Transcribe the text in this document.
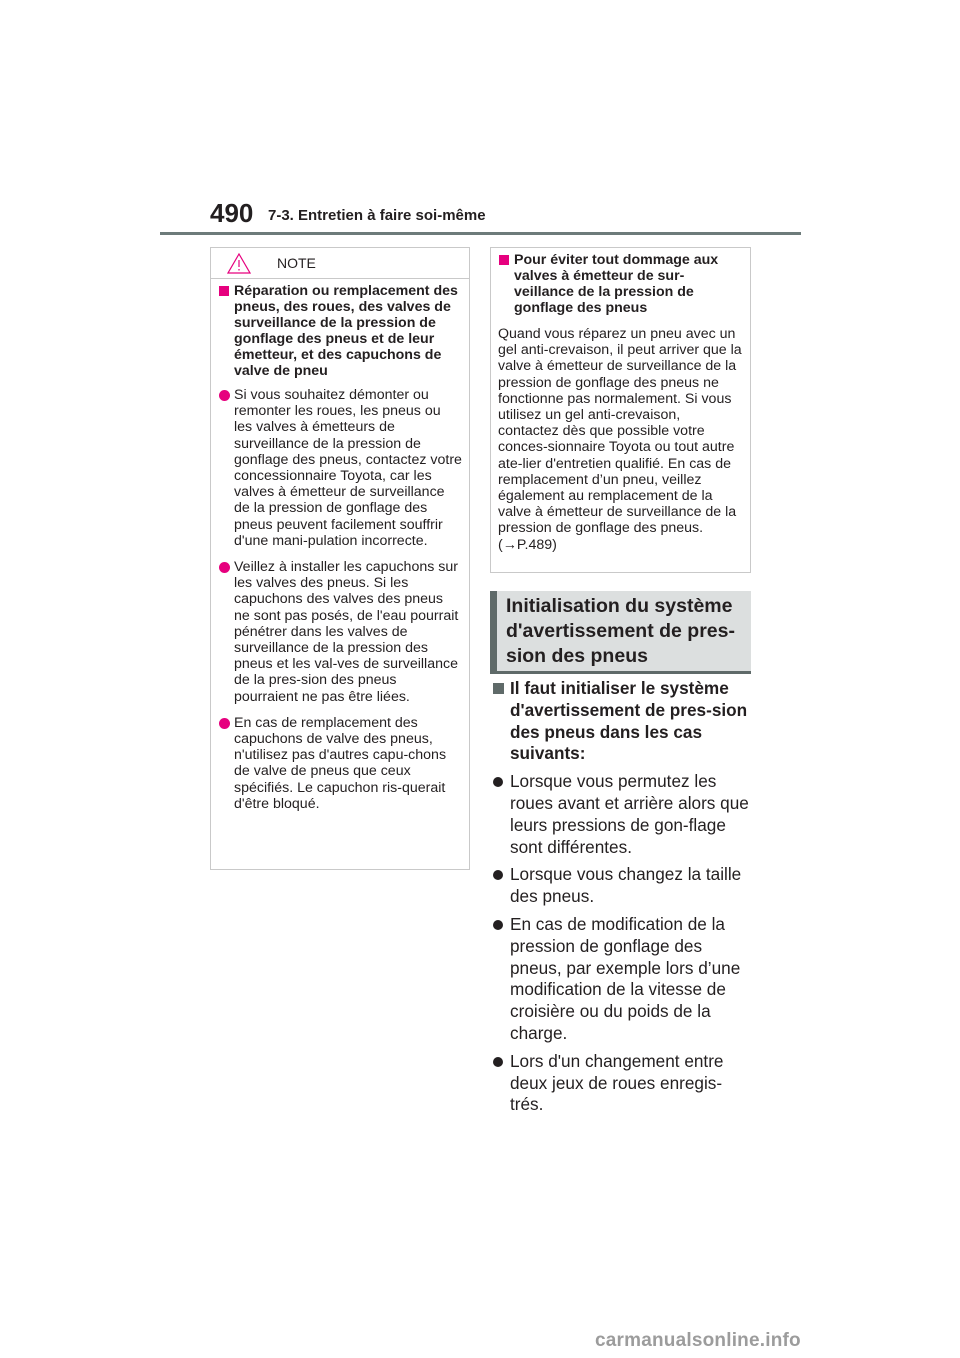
490 7-3. Entretien à faire soi-même
NOTE

Réparation ou remplacement des pneus, des roues, des valves de surveillance de la pression de gonflage des pneus et de leur émetteur, et des capuchons de valve de pneu

Si vous souhaitez démonter ou remonter les roues, les pneus ou les valves à émetteurs de surveillance de la pression de gonflage des pneus, contactez votre concessionnaire Toyota, car les valves à émetteur de surveillance de la pression de gonflage des pneus peuvent facilement souffrir d'une mani-pulation incorrecte.

Veillez à installer les capuchons sur les valves des pneus. Si les capuchons des valves des pneus ne sont pas posés, de l'eau pourrait pénétrer dans les valves de surveillance de la pression des pneus et les val-ves de surveillance de la pres-sion des pneus pourraient ne pas être liées.

En cas de remplacement des capuchons de valve des pneus, n'utilisez pas d'autres capu-chons de valve de pneus que ceux spécifiés. Le capuchon ris-querait d'être bloqué.

Pour éviter tout dommage aux valves à émetteur de sur-veillance de la pression de gonflage des pneus

Quand vous réparez un pneu avec un gel anti-crevaison, il peut arriver que la valve à émetteur de surveillance de la pression de gonflage des pneus ne fonctionne pas normalement. Si vous utilisez un gel anti-crevaison, contactez dès que possible votre conces-sionnaire Toyota ou tout autre ate-lier d'entretien qualifié. En cas de remplacement d’un pneu, veillez également au remplacement de la valve à émetteur de surveillance de la pression de gonflage des pneus. (→P.489)

Initialisation du système d'avertissement de pres-sion des pneus

Il faut initialiser le système d'avertissement de pres-sion des pneus dans les cas suivants:

Lorsque vous permutez les roues avant et arrière alors que leurs pressions de gon-flage sont différentes.

Lorsque vous changez la taille des pneus.

En cas de modification de la pression de gonflage des pneus, par exemple lors d’une modification de la vitesse de croisière ou du poids de la charge.

Lors d'un changement entre deux jeux de roues enregis-trés.

carmanualsonline.info
